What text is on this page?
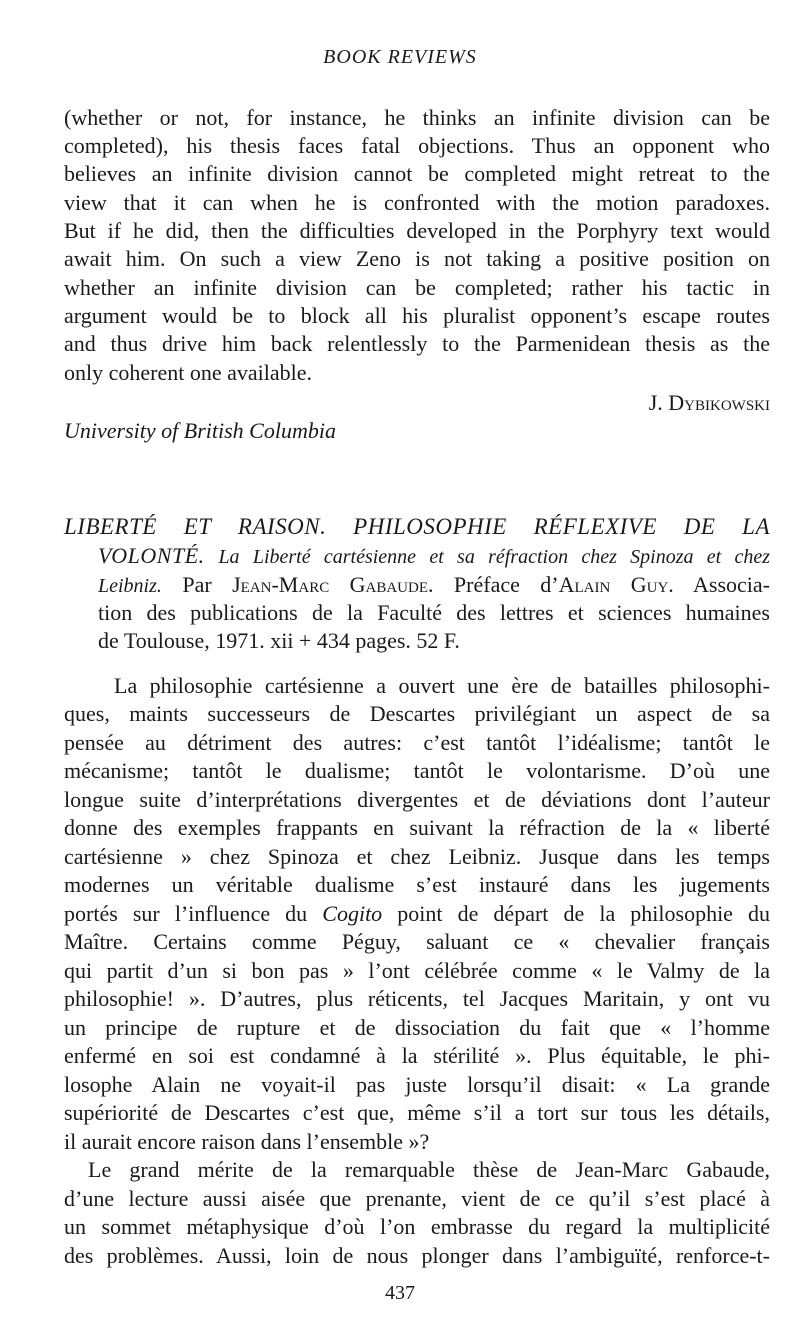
BOOK REVIEWS
(whether or not, for instance, he thinks an infinite division can be
completed), his thesis faces fatal objections. Thus an opponent who
believes an infinite division cannot be completed might retreat to the
view that it can when he is confronted with the motion paradoxes.
But if he did, then the difficulties developed in the Porphyry text would
await him. On such a view Zeno is not taking a positive position on
whether an infinite division can be completed; rather his tactic in
argument would be to block all his pluralist opponent’s escape routes
and thus drive him back relentlessly to the Parmenidean thesis as the
only coherent one available.
J. Dybikowski
University of British Columbia
LIBERTÉ ET RAISON. PHILOSOPHIE RÉFLEXIVE DE LA
VOLONTÉ. La Liberté cartésienne et sa réfraction chez Spinoza et chez
Leibniz. Par Jean-Marc Gabaude. Préface d’Alain Guy. Associa-
tion des publications de la Faculté des lettres et sciences humaines
de Toulouse, 1971. xii + 434 pages. 52 F.
La philosophie cartésienne a ouvert une ère de batailles philosophi-
ques, maints successeurs de Descartes privilégiant un aspect de sa
pensée au détriment des autres: c’est tantôt l’idéalisme; tantôt le
mécanisme; tantôt le dualisme; tantôt le volontarisme. D’où une
longue suite d’interprétations divergentes et de déviations dont l’auteur
donne des exemples frappants en suivant la réfraction de la « liberté
cartésienne » chez Spinoza et chez Leibniz. Jusque dans les temps
modernes un véritable dualisme s’est instauré dans les jugements
portés sur l’influence du Cogito point de départ de la philosophie du
Maître. Certains comme Péguy, saluant ce « chevalier français
qui partit d’un si bon pas » l’ont célébrée comme « le Valmy de la
philosophie! ». D’autres, plus réticents, tel Jacques Maritain, y ont vu
un principe de rupture et de dissociation du fait que « l’homme
enfermé en soi est condamné à la stérilité ». Plus équitable, le phi-
losophe Alain ne voyait-il pas juste lorsqu’il disait: « La grande
supériorité de Descartes c’est que, même s’il a tort sur tous les détails,
il aurait encore raison dans l’ensemble »?
Le grand mérite de la remarquable thèse de Jean-Marc Gabaude,
d’une lecture aussi aisée que prenante, vient de ce qu’il s’est placé à
un sommet métaphysique d’où l’on embrasse du regard la multiplicité
des problèmes. Aussi, loin de nous plonger dans l’ambiguïté, renforce-t-
437
